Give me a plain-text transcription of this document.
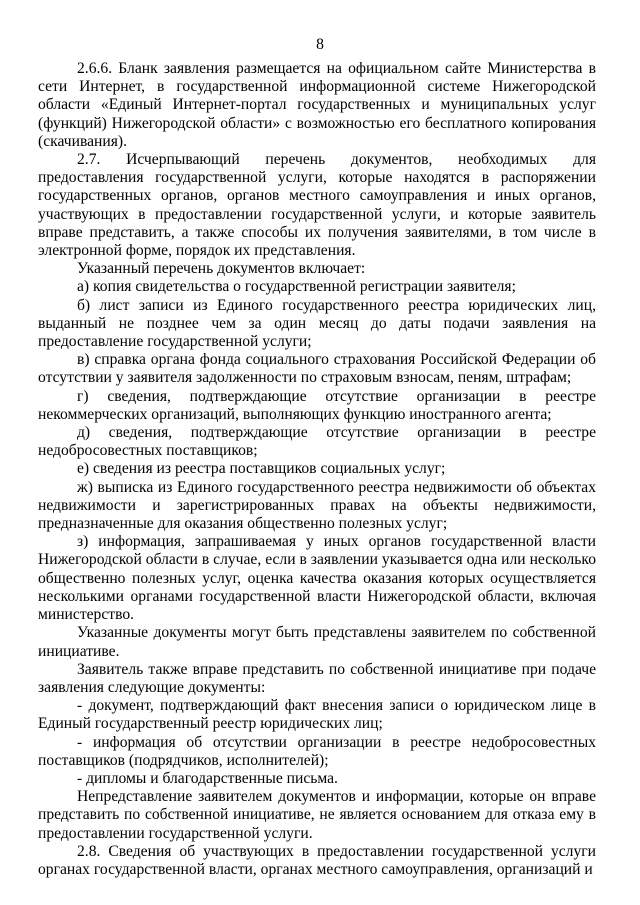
8

2.6.6. Бланк заявления размещается на официальном сайте Министерства в сети Интернет, в государственной информационной системе Нижегородской области «Единый Интернет-портал государственных и муниципальных услуг (функций) Нижегородской области» с возможностью его бесплатного копирования (скачивания).

2.7. Исчерпывающий перечень документов, необходимых для предоставления государственной услуги, которые находятся в распоряжении государственных органов, органов местного самоуправления и иных органов, участвующих в предоставлении государственной услуги, и которые заявитель вправе представить, а также способы их получения заявителями, в том числе в электронной форме, порядок их представления.

Указанный перечень документов включает:

а) копия свидетельства о государственной регистрации заявителя;

б) лист записи из Единого государственного реестра юридических лиц, выданный не позднее чем за один месяц до даты подачи заявления на предоставление государственной услуги;

в) справка органа фонда социального страхования Российской Федерации об отсутствии у заявителя задолженности по страховым взносам, пеням, штрафам;

г) сведения, подтверждающие отсутствие организации в реестре некоммерческих организаций, выполняющих функцию иностранного агента;

д) сведения, подтверждающие отсутствие организации в реестре недобросовестных поставщиков;

е) сведения из реестра поставщиков социальных услуг;

ж) выписка из Единого государственного реестра недвижимости об объектах недвижимости и зарегистрированных правах на объекты недвижимости, предназначенные для оказания общественно полезных услуг;

з) информация, запрашиваемая у иных органов государственной власти Нижегородской области в случае, если в заявлении указывается одна или несколько общественно полезных услуг, оценка качества оказания которых осуществляется несколькими органами государственной власти Нижегородской области, включая министерство.

Указанные документы могут быть представлены заявителем по собственной инициативе.

Заявитель также вправе представить по собственной инициативе при подаче заявления следующие документы:

- документ, подтверждающий факт внесения записи о юридическом лице в Единый государственный реестр юридических лиц;

- информация об отсутствии организации в реестре недобросовестных поставщиков (подрядчиков, исполнителей);

- дипломы и благодарственные письма.

Непредставление заявителем документов и информации, которые он вправе представить по собственной инициативе, не является основанием для отказа ему в предоставлении государственной услуги.

2.8. Сведения об участвующих в предоставлении государственной услуги органах государственной власти, органах местного самоуправления, организаций и
